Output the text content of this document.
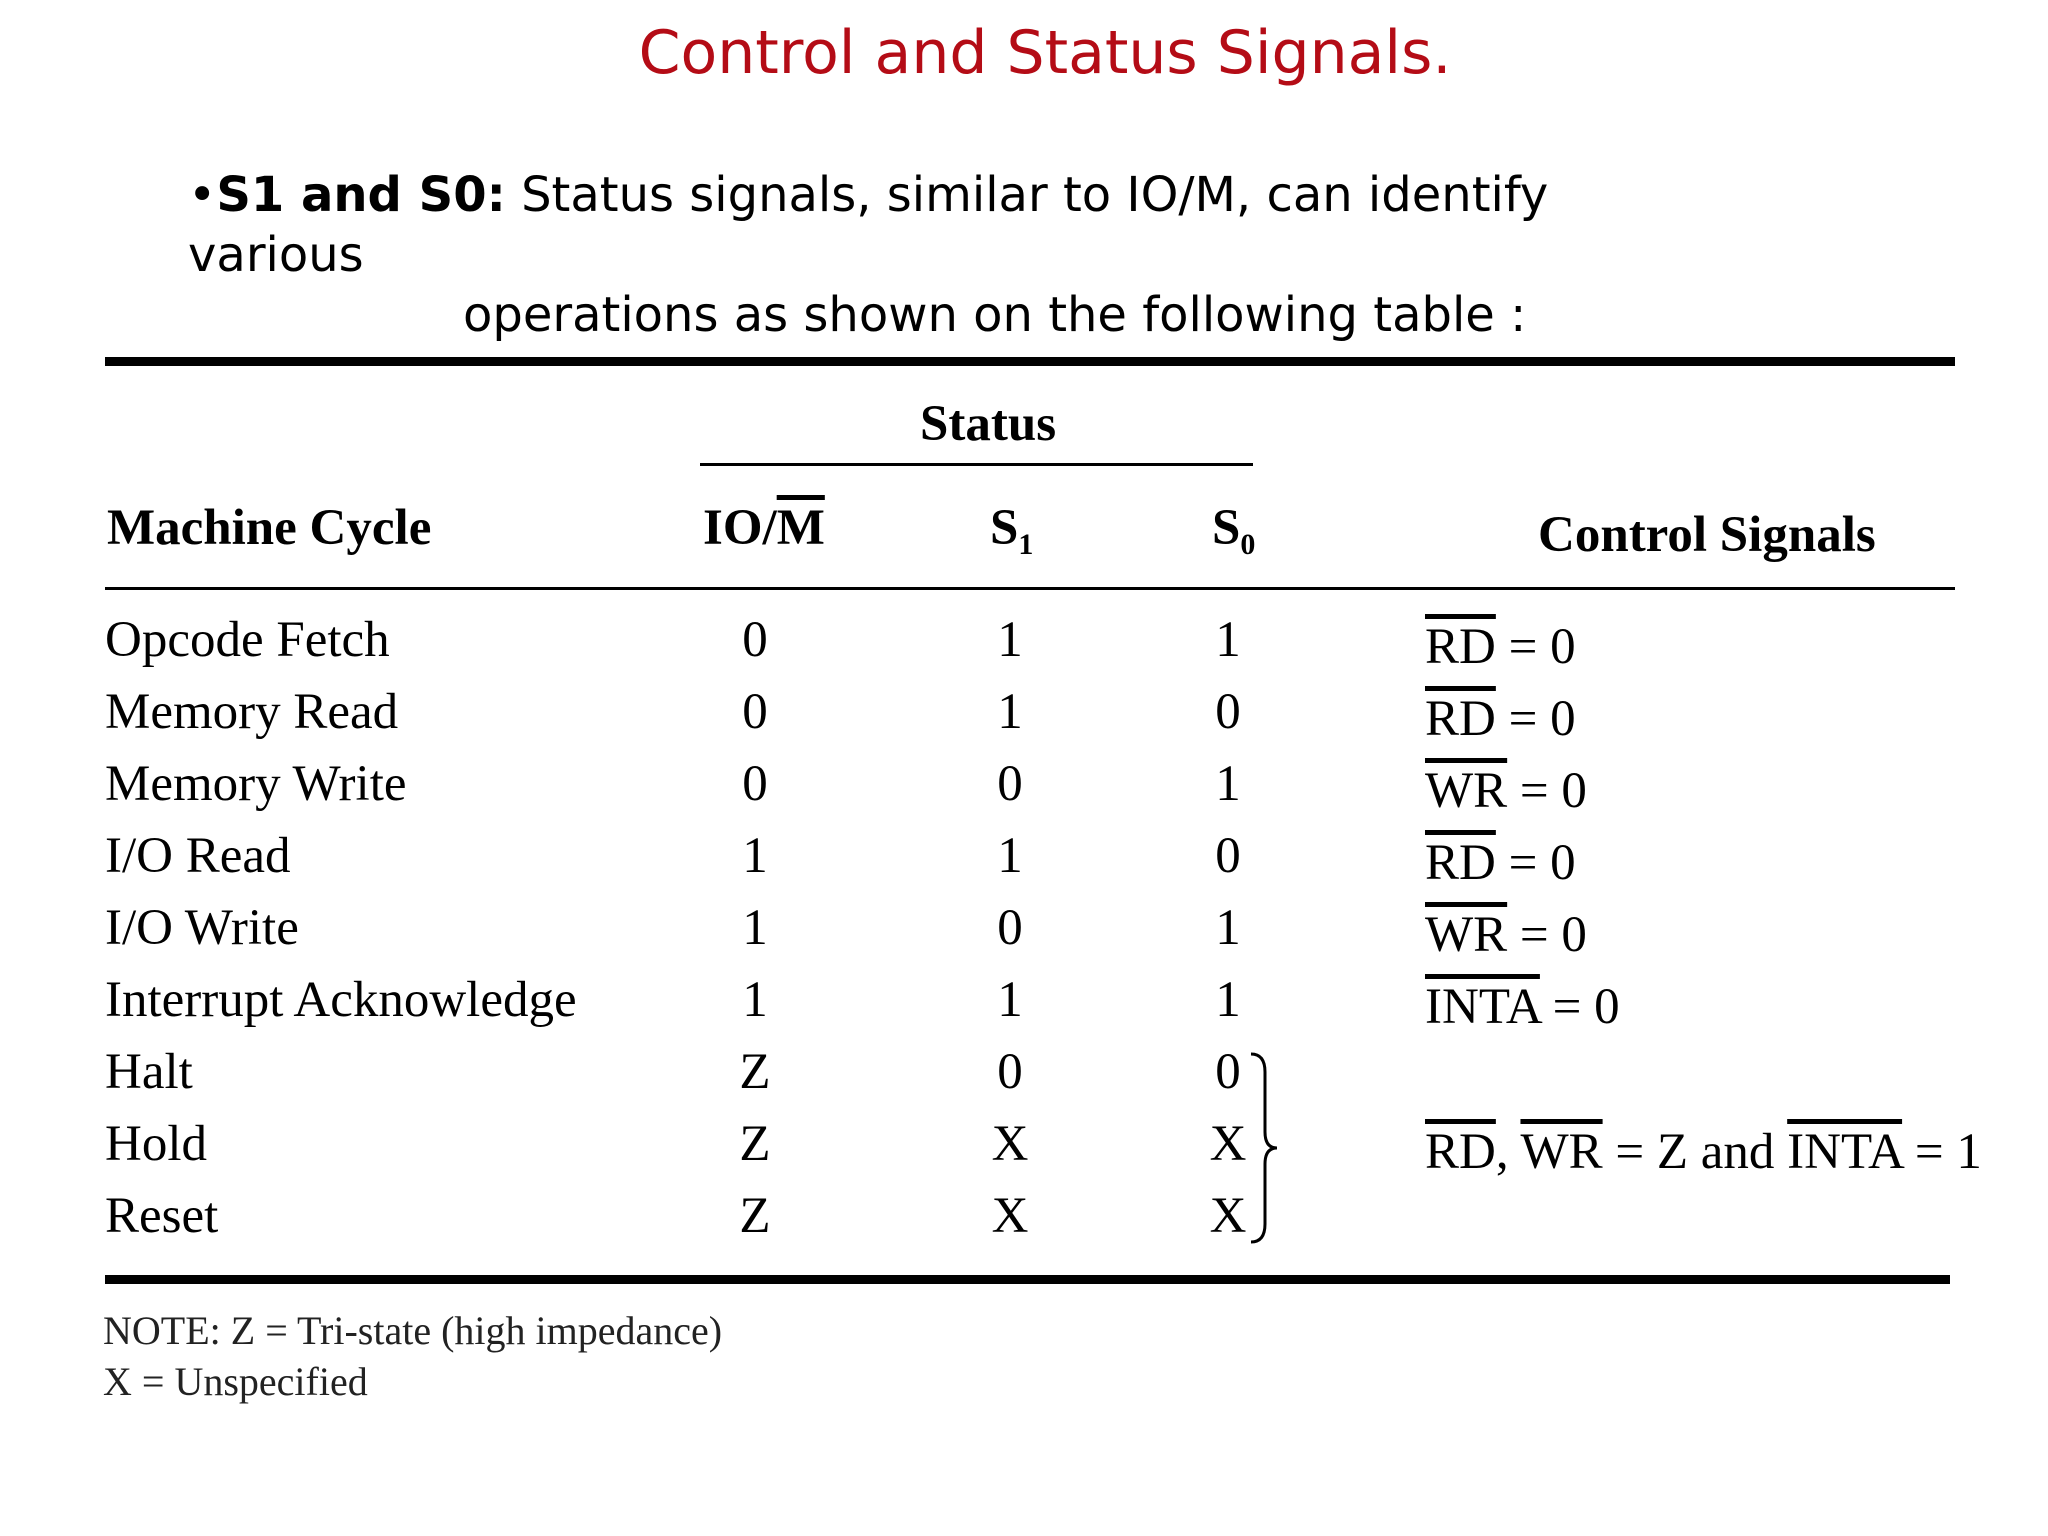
Control and Status Signals.
•S1 and S0: Status signals, similar to IO/M, can identify various
operations as shown on the following table :
Status
Machine Cycle	$IO/\overline{M}$	$S_1$	$S_0$	Control Signals
Opcode Fetch	0	1	1	$\overline{RD} = 0$
Memory Read	0	1	0	$\overline{RD} = 0$
Memory Write	0	0	1	$\overline{WR} = 0$
I/O Read	1	1	0	$\overline{RD} = 0$
I/O Write	1	0	1	$\overline{WR} = 0$
Interrupt Acknowledge	1	1	1	INTA = 0
Halt	Z	0	0
Hold	Z	X	X
Reset	Z	X	X
$\overline{RD}$, $\overline{WR} = Z$ and INTA = 1
NOTE: Z = Tri-state (high impedance)
X = Unspecified
